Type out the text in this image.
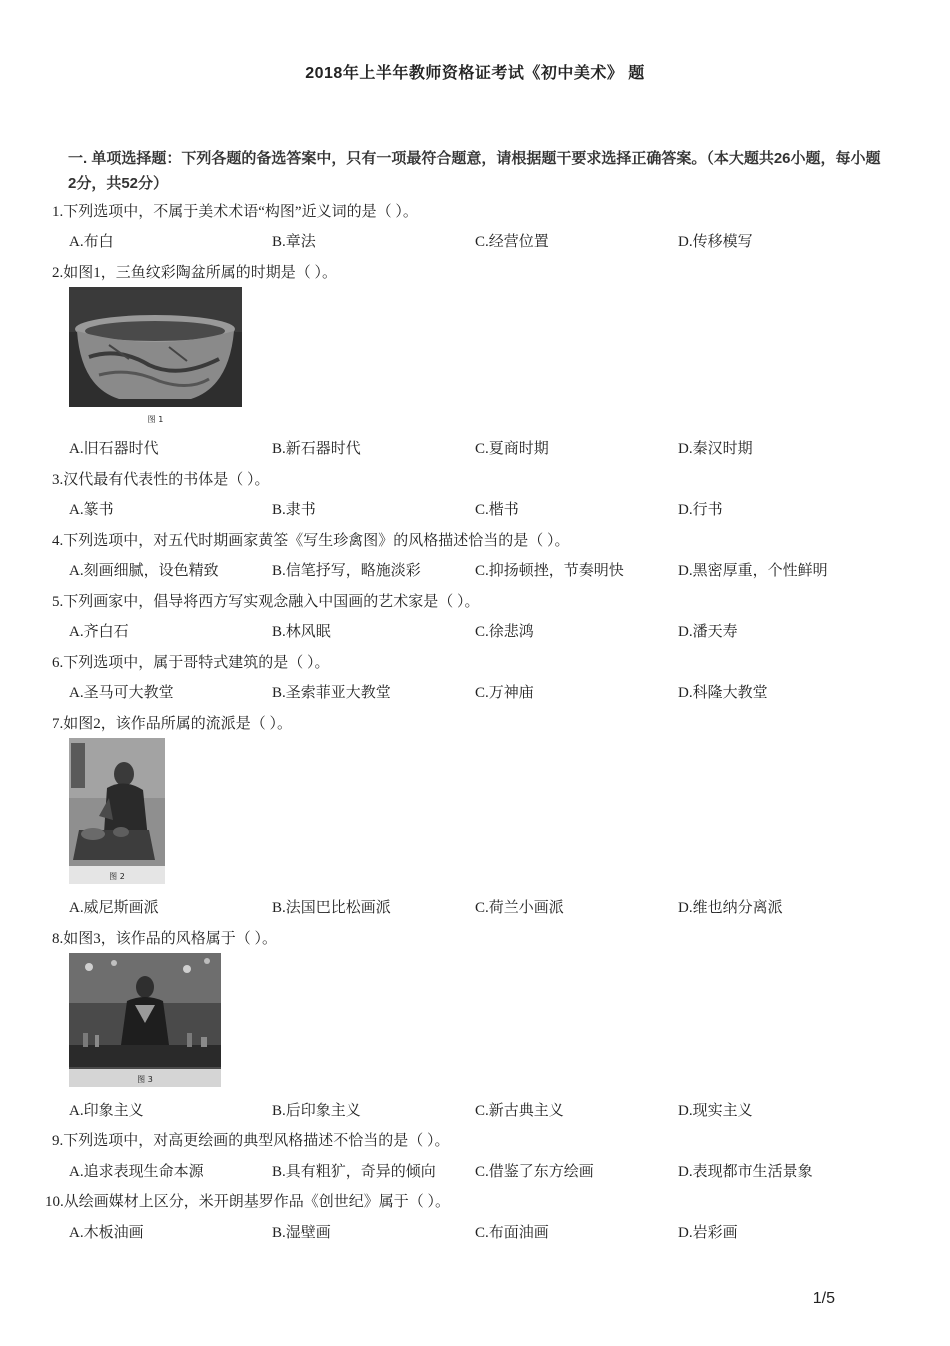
2018年上半年教师资格证考试《初中美术》 题
一. 单项选择题：下列各题的备选答案中，只有一项最符合题意，请根据题干要求选择正确答案。（本大题共26小题，每小题2分，共52分）
1.下列选项中，不属于美术术语“构图”近义词的是（ ）。
A.布白	B.章法	C.经营位置	D.传移模写
2.如图1，三鱼纹彩陶盆所属的时期是（ ）。
图 1
A.旧石器时代	B.新石器时代	C.夏商时期	D.秦汉时期
3.汉代最有代表性的书体是（ ）。
A.篆书	B.隶书	C.楷书	D.行书
4.下列选项中，对五代时期画家黄筌《写生珍禽图》的风格描述恰当的是（ ）。
A.刻画细腻，设色精致	B.信笔抒写，略施淡彩	C.抑扬顿挫，节奏明快	D.黑密厚重，个性鲜明
5.下列画家中，倡导将西方写实观念融入中国画的艺术家是（ ）。
A.齐白石	B.林风眠	C.徐悲鸿	D.潘天寿
6.下列选项中，属于哥特式建筑的是（ ）。
A.圣马可大教堂	B.圣索菲亚大教堂	C.万神庙	D.科隆大教堂
7.如图2，该作品所属的流派是（ ）。
图 2
A.威尼斯画派	B.法国巴比松画派	C.荷兰小画派	D.维也纳分离派
8.如图3，该作品的风格属于（ ）。
图 3
A.印象主义	B.后印象主义	C.新古典主义	D.现实主义
9.下列选项中，对高更绘画的典型风格描述不恰当的是（ ）。
A.追求表现生命本源	B.具有粗犷，奇异的倾向	C.借鉴了东方绘画	D.表现都市生活景象
10.从绘画媒材上区分，米开朗基罗作品《创世纪》属于（ ）。
A.木板油画	B.湿壁画	C.布面油画	D.岩彩画
1/5
